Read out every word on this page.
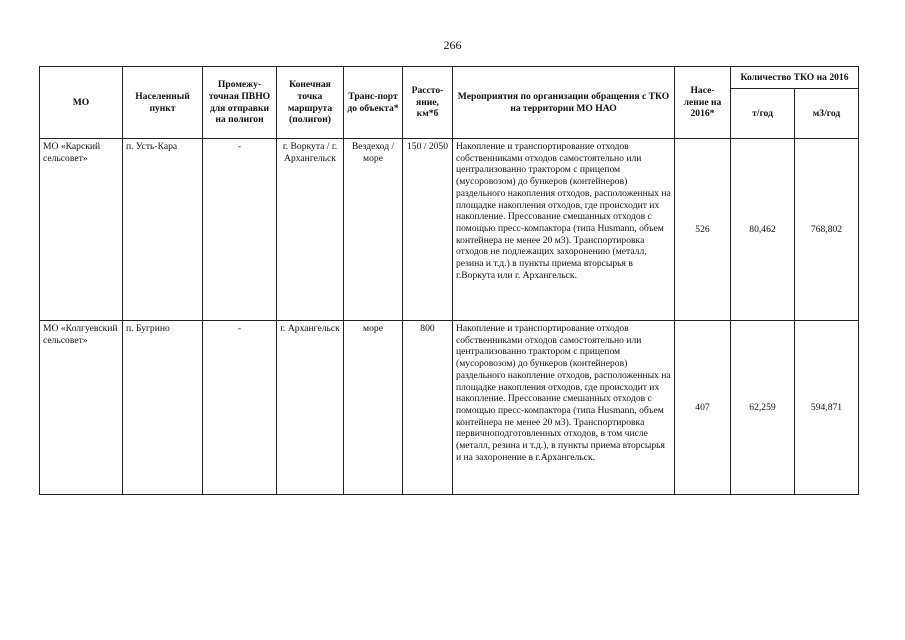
266
МО	Населенный пункт	Промежу-точная ПВНО для отправки на полигон	Конечная точка маршрута (полигон)	Транс-порт до объекта*	Рассто-яние, км*б	Мероприятия по организации обращения с ТКО на территории МО НАО	Насе-ление на 2016*	Количество ТКО на 2016	
								т/год	м3/год
МО «Карский сельсовет»	п. Усть-Кара	-	г. Воркута / г. Архангельск	Вездеход / море	150 / 2050	Накопление и транспортирование отходов собственниками отходов самостоятельно или централизованно трактором с прицепом (мусоровозом) до бункеров (контейнеров) раздельного накопления отходов, расположенных на площадке накопления отходов, где происходит их накопление. Прессование смешанных отходов с помощью пресс-компактора (типа Husmann, объем контейнера не менее 20 м3). Транспортировка отходов не подлежащих захоронению (металл, резина и т.д.) в пункты приема вторсырья в г.Воркута или г. Архангельск.	526	80,462	768,802
МО «Колгуевский сельсовет»	п. Бугрино	-	г. Архангельск	море	800	Накопление и транспортирование отходов собственниками отходов самостоятельно или централизованно трактором с прицепом (мусоровозом) до бункеров (контейнеров) раздельного накопление отходов, расположенных на площадке накопления отходов, где происходит их накопление. Прессование смешанных отходов с помощью пресс-компактора (типа Husmann, объем контейнера не менее 20 м3). Транспортировка первичноподготовленных отходов, в том числе (металл, резина и т.д.), в пункты приема вторсырья и на захоронение в г.Архангельск.	407	62,259	594,871
